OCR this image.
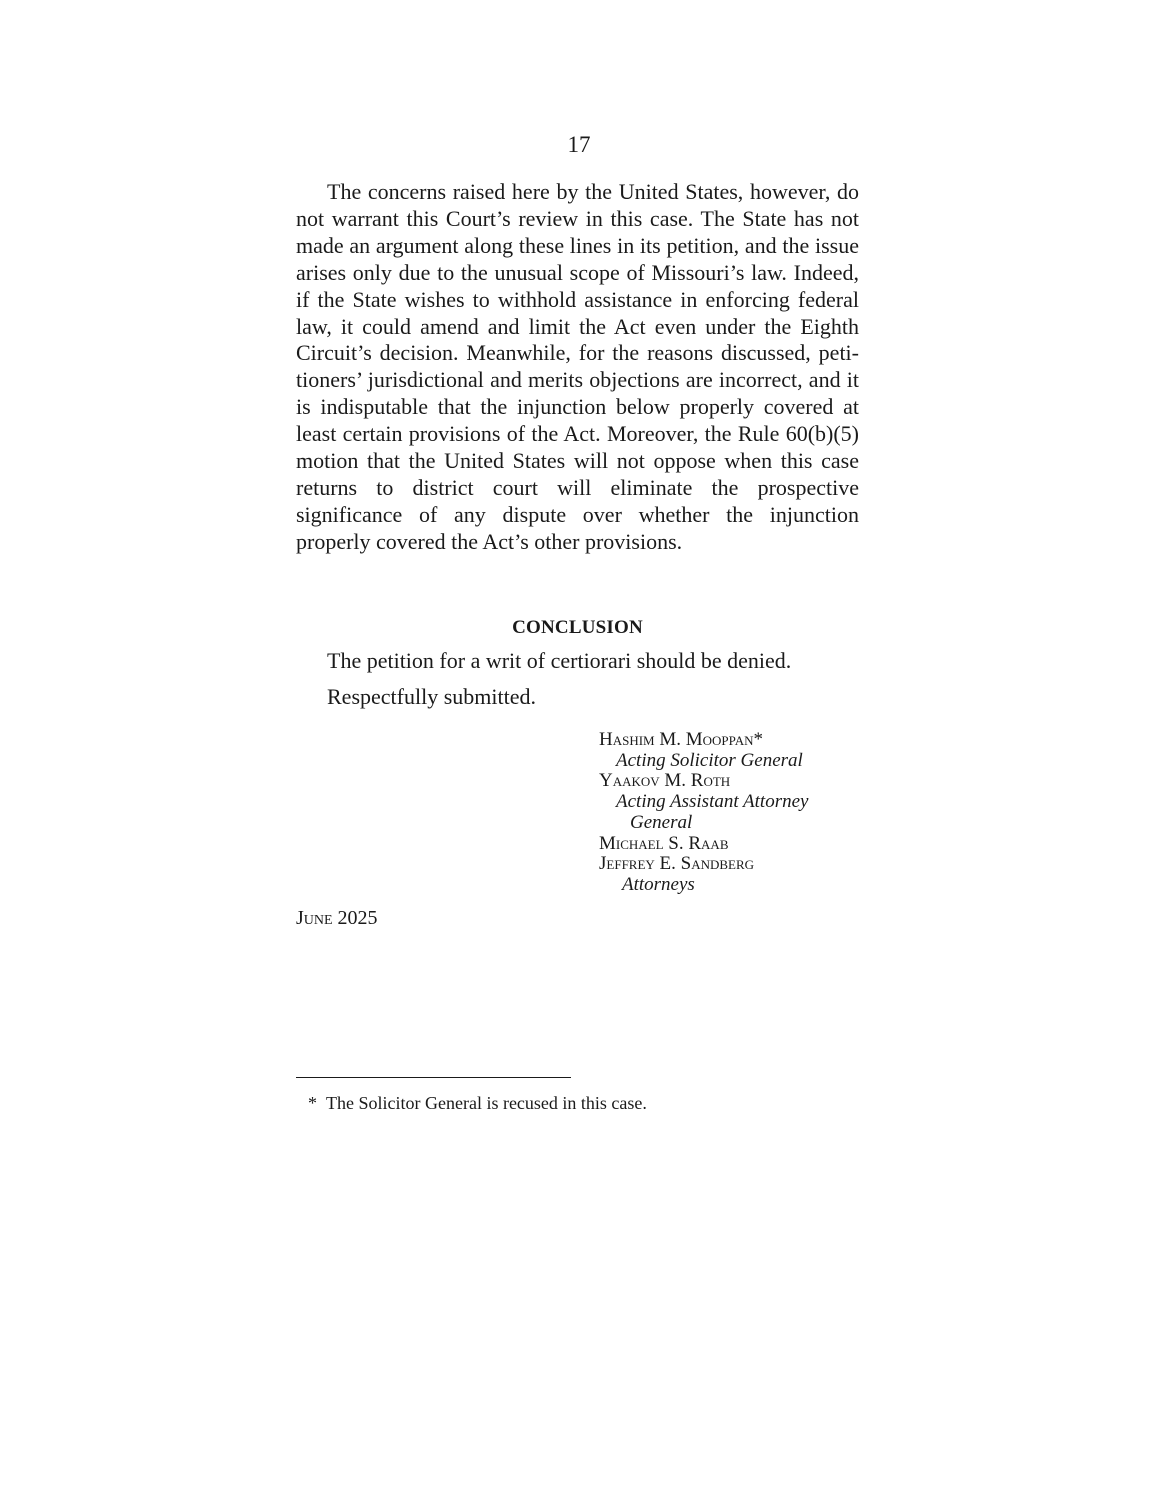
17

The concerns raised here by the United States, however, do not warrant this Court’s review in this case. The State has not made an argument along these lines in its petition, and the issue arises only due to the unusual scope of Missouri’s law. Indeed, if the State wishes to withhold assistance in enforcing federal law, it could amend and limit the Act even under the Eighth Circuit’s decision. Meanwhile, for the reasons discussed, petitioners’ jurisdictional and merits objections are incorrect, and it is indisputable that the injunction below properly covered at least certain provisions of the Act. Moreover, the Rule 60(b)(5) motion that the United States will not oppose when this case returns to district court will eliminate the prospective significance of any dispute over whether the injunction properly covered the Act’s other provisions.

CONCLUSION
The petition for a writ of certiorari should be denied.
Respectfully submitted.
Hashim M. Mooppan*
Acting Solicitor General
Yaakov M. Roth
Acting Assistant Attorney
General
Michael S. Raab
Jeffrey E. Sandberg
Attorneys
June 2025
* The Solicitor General is recused in this case.
